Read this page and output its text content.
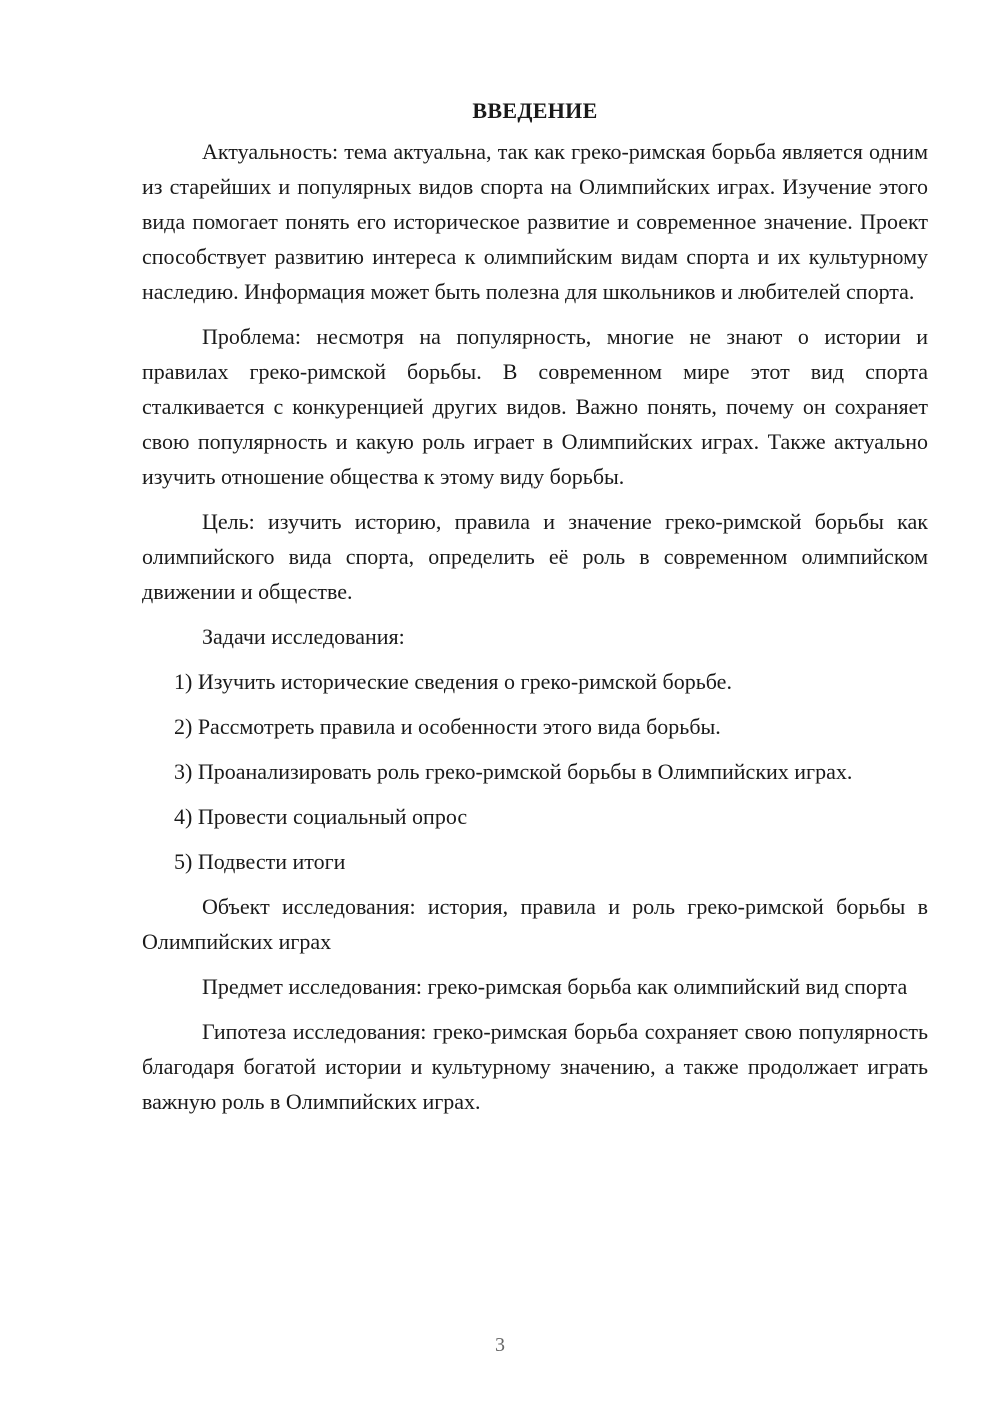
ВВЕДЕНИЕ

Актуальность: тема актуальна, так как греко-римская борьба является одним из старейших и популярных видов спорта на Олимпийских играх. Изучение этого вида помогает понять его историческое развитие и современное значение. Проект способствует развитию интереса к олимпийским видам спорта и их культурному наследию. Информация может быть полезна для школьников и любителей спорта.

Проблема: несмотря на популярность, многие не знают о истории и правилах греко-римской борьбы. В современном мире этот вид спорта сталкивается с конкуренцией других видов. Важно понять, почему он сохраняет свою популярность и какую роль играет в Олимпийских играх. Также актуально изучить отношение общества к этому виду борьбы.

Цель: изучить историю, правила и значение греко-римской борьбы как олимпийского вида спорта, определить её роль в современном олимпийском движении и обществе.

Задачи исследования:

1) Изучить исторические сведения о греко-римской борьбе.

2) Рассмотреть правила и особенности этого вида борьбы.

3) Проанализировать роль греко-римской борьбы в Олимпийских играх.

4) Провести социальный опрос

5) Подвести итоги

Объект исследования: история, правила и роль греко-римской борьбы в Олимпийских играх

Предмет исследования: греко-римская борьба как олимпийский вид спорта

Гипотеза исследования: греко-римская борьба сохраняет свою популярность благодаря богатой истории и культурному значению, а также продолжает играть важную роль в Олимпийских играх.

3
